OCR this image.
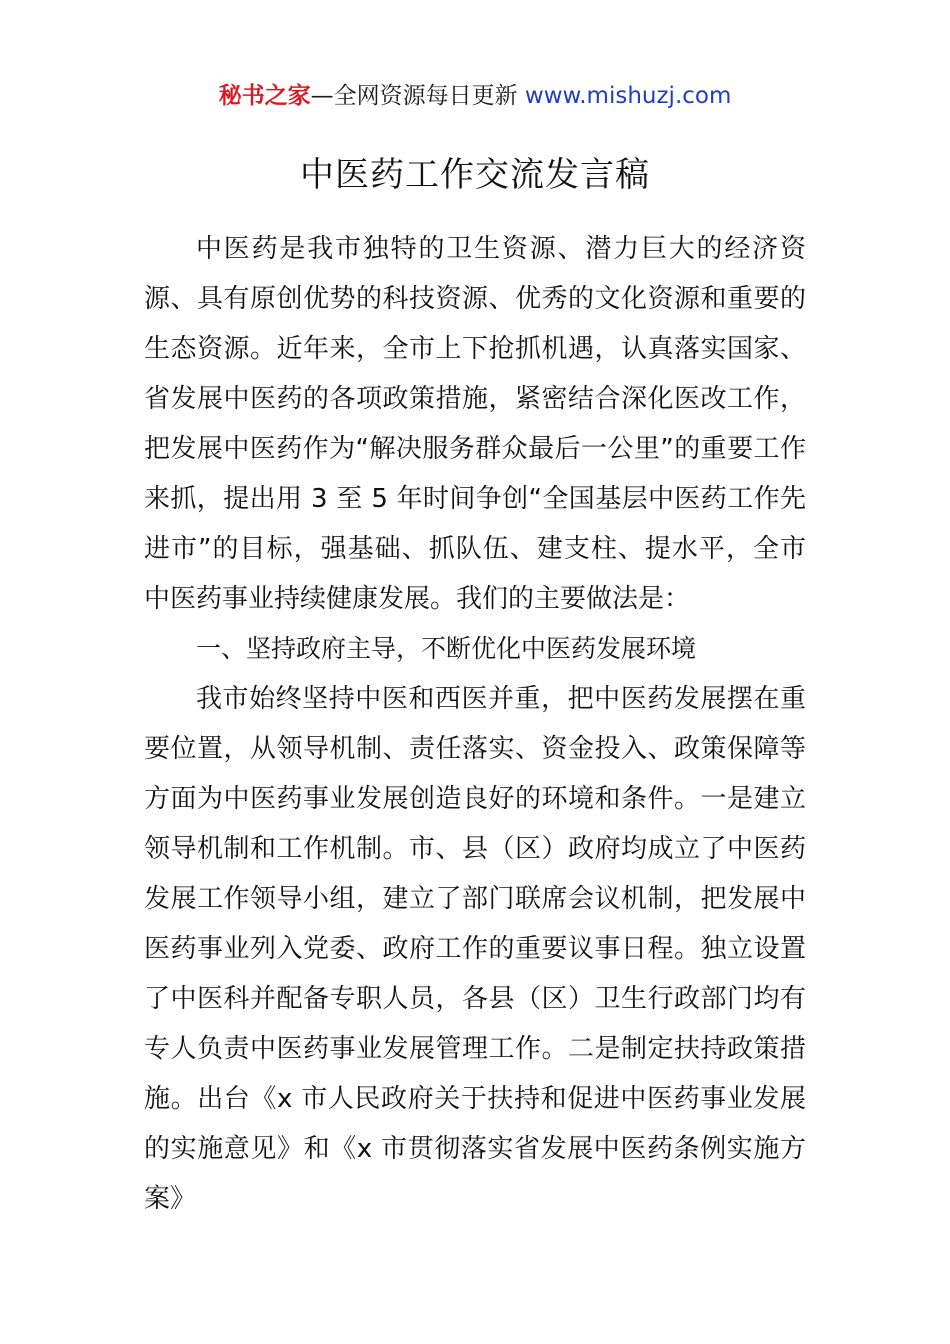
秘书之家—全网资源每日更新 www.mishuzj.com
中医药工作交流发言稿

中医药是我市独特的卫生资源、潜力巨大的经济资源、具有原创优势的科技资源、优秀的文化资源和重要的生态资源。近年来，全市上下抢抓机遇，认真落实国家、省发展中医药的各项政策措施，紧密结合深化医改工作，把发展中医药作为“解决服务群众最后一公里”的重要工作来抓，提出用 3 至 5 年时间争创“全国基层中医药工作先进市”的目标，强基础、抓队伍、建支柱、提水平，全市中医药事业持续健康发展。我们的主要做法是：

一、坚持政府主导，不断优化中医药发展环境

我市始终坚持中医和西医并重，把中医药发展摆在重要位置，从领导机制、责任落实、资金投入、政策保障等方面为中医药事业发展创造良好的环境和条件。一是建立领导机制和工作机制。市、县（区）政府均成立了中医药发展工作领导小组，建立了部门联席会议机制，把发展中医药事业列入党委、政府工作的重要议事日程。独立设置了中医科并配备专职人员，各县（区）卫生行政部门均有专人负责中医药事业发展管理工作。二是制定扶持政策措施。出台《x 市人民政府关于扶持和促进中医药事业发展的实施意见》和《x 市贯彻落实省发展中医药条例实施方案》
